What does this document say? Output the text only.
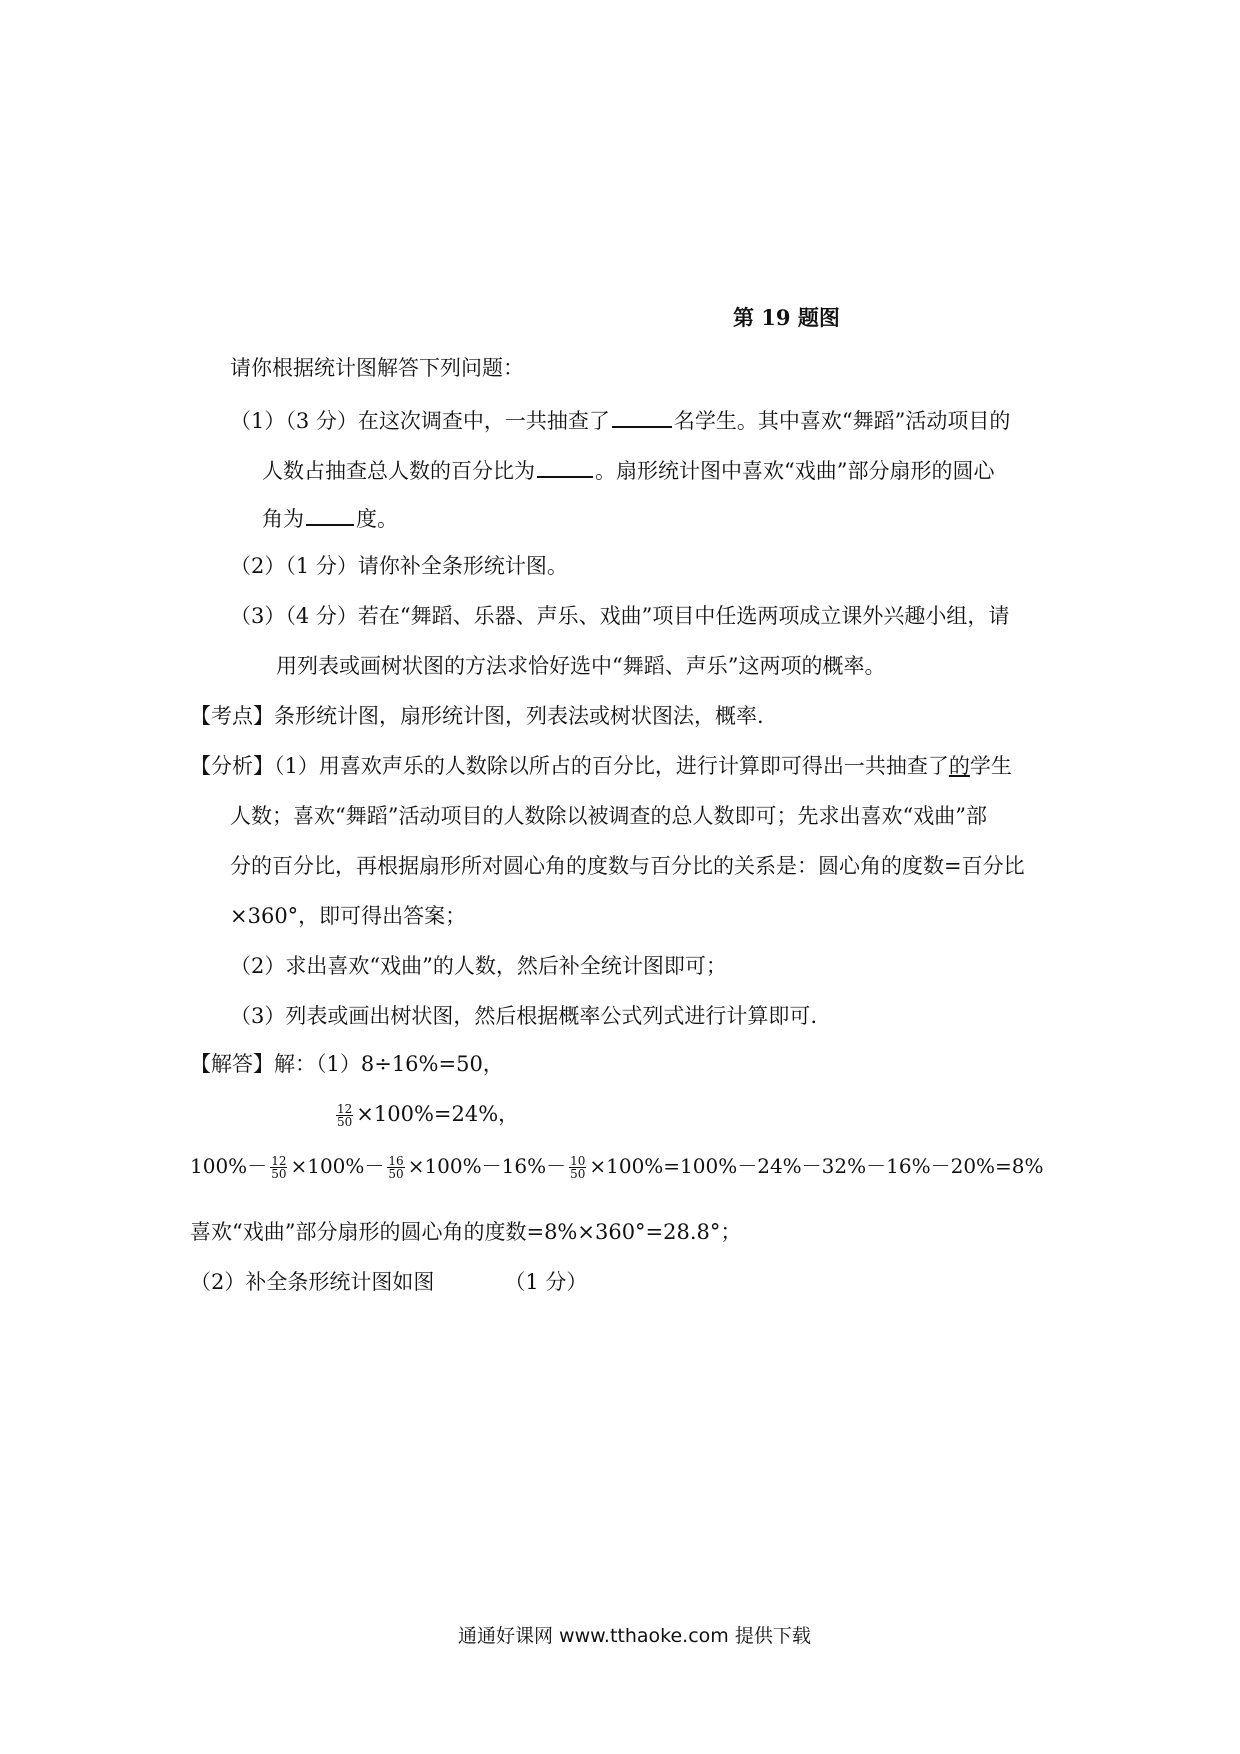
第 19 题图
请你根据统计图解答下列问题：
（1）（3 分）在这次调查中，一共抽查了	名学生。其中喜欢“舞蹈”活动项目的
人数占抽查总人数的百分比为	。扇形统计图中喜欢“戏曲”部分扇形的圆心
角为 度。
（2）（1 分）请你补全条形统计图。
（3）（4 分）若在“舞蹈、乐器、声乐、戏曲”项目中任选两项成立课外兴趣小组，请
用列表或画树状图的方法求恰好选中“舞蹈、声乐”这两项的概率。
【考点】条形统计图，扇形统计图，列表法或树状图法，概率.
【分析】（1）用喜欢声乐的人数除以所占的百分比，进行计算即可得出一共抽查了的学生
人数；喜欢“舞蹈”活动项目的人数除以被调查的总人数即可；先求出喜欢“戏曲”部
分的百分比，再根据扇形所对圆心角的度数与百分比的关系是：圆心角的度数=百分比
×360°，即可得出答案；
（2）求出喜欢“戏曲”的人数，然后补全统计图即可；
（3）列表或画出树状图，然后根据概率公式列式进行计算即可.
【解答】解：（1）8÷16%=50，
$\frac{12}{50} \times 100\%=24\%$，
$100\%- \frac{12}{50} \times 100\%- \frac{16}{50} \times 100\%-16\%- \frac{10}{50} \times 100\%=100\%-24\%-32\%-16\%-20\%=8\%$
喜欢“戏曲”部分扇形的圆心角的度数=8%×360°=28.8°；
（2）补全条形统计图如图	（1 分）
通通好课网 www.tthaoke.com 提供下载
